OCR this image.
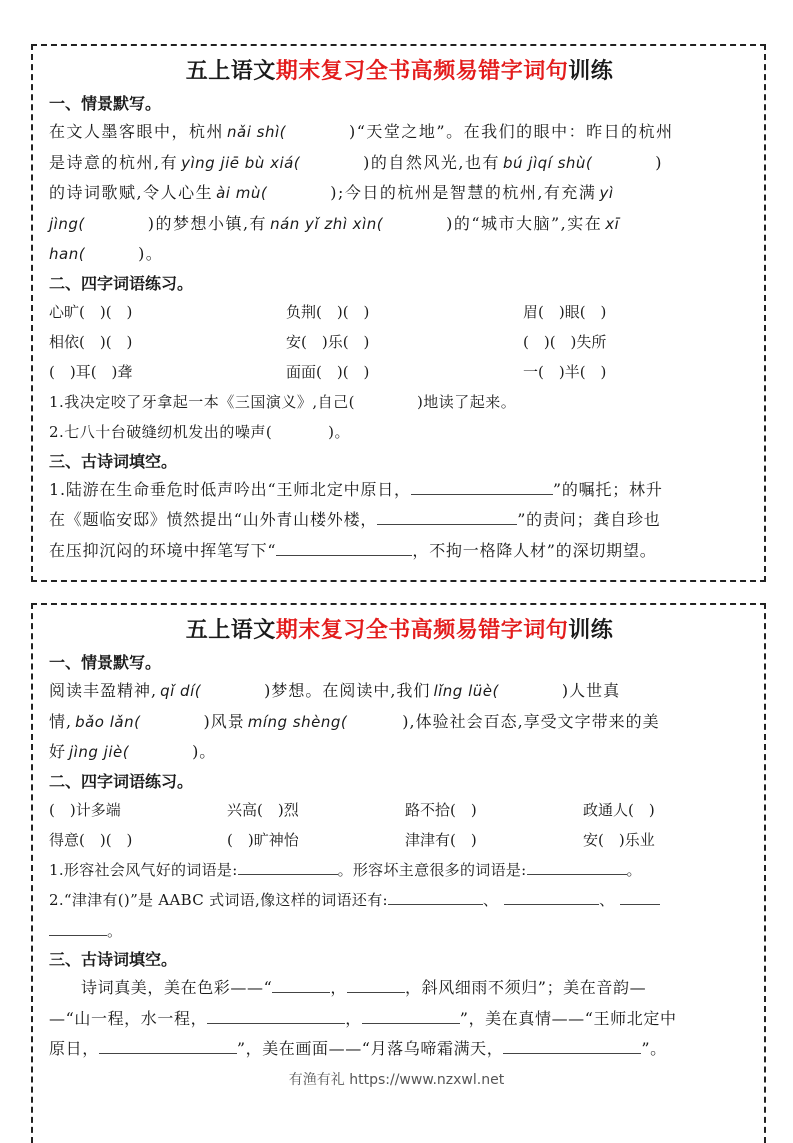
五上语文期末复习全书高频易错字词句训练
一、情景默写。
在文人墨客眼中，杭州 nǎi shì(	)“天堂之地”。在我们的眼中：昨日的杭州
是诗意的杭州,有 yìng jiē bù xiá(	)的自然风光,也有 bú jìqí shù(	)
的诗词歌赋,令人心生 ài mù(	);今日的杭州是智慧的杭州,有充满 yì
jìng(	)的梦想小镇,有 nán yǐ zhì xìn(	)的“城市大脑”,实在 xī
han(	)。
二、四字词语练习。
心旷(　)(　)	负荆(　)(　)	眉(　)眼(　)
相依(　)(　)	安(　)乐(　)	(　)(　)失所
(　)耳(　)聋	面面(　)(　)	一(　)半(　)
1.我决定咬了牙拿起一本《三国演义》,自己(	)地读了起来。
2.七八十台破缝纫机发出的噪声(	)。
三、古诗词填空。
1.陆游在生命垂危时低声吟出“王师北定中原日，	”的嘱托；林升
在《题临安邸》愤然提出“山外青山楼外楼，	”的责问；龚自珍也
在压抑沉闷的环境中挥笔写下“	，不拘一格降人材”的深切期望。
五上语文期末复习全书高频易错字词句训练
一、情景默写。
阅读丰盈精神, qǐ dí(	)梦想。在阅读中,我们 lǐng lüè(	)人世真
情, bǎo lǎn(	)风景 míng shèng(	),体验社会百态,享受文字带来的美
好 jìng jiè(	)。
二、四字词语练习。
(　)计多端	兴高(　)烈	路不拾(　)	政通人(　)
得意(　)(　)	(　)旷神怡	津津有(　)	安(　)乐业
1.形容社会风气好的词语是:	。形容坏主意很多的词语是:	。
2.“津津有()”是 AABC 式词语,像这样的词语还有:	、	、
。
三、古诗词填空。
诗词真美，美在色彩——“	，	，斜风细雨不须归”；美在音韵—
—“山一程，水一程，	，	”，美在真情——“王师北定中
原日，	”，美在画面——“月落乌啼霜满天，	”。
有渔有礼 https://www.nzxwl.net
